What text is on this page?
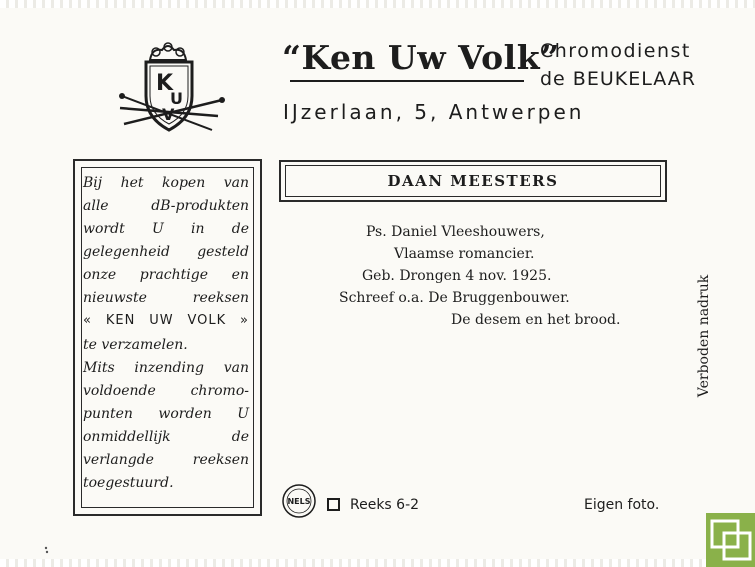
K
U
V
“Ken Uw Volk”
Chromodienst
de BEUKELAAR
IJzerlaan, 5, Antwerpen
Bij het kopen van
alle dB-produkten
wordt U in de
gelegenheid gesteld
onze prachtige en
nieuwste reeksen
« KEN UW VOLK »
te verzamelen.
Mits inzending van
voldoende chromo-
punten worden U
onmiddellijk de
verlangde reeksen
toegestuurd.
DAAN MEESTERS
Ps. Daniel Vleeshouwers,
Vlaamse romancier.
Geb. Drongen 4 nov. 1925.
Schreef o.a. De Bruggenbouwer.
De desem en het brood.	Verboden nadruk
NELS	Reeks 6-2	Eigen foto.
